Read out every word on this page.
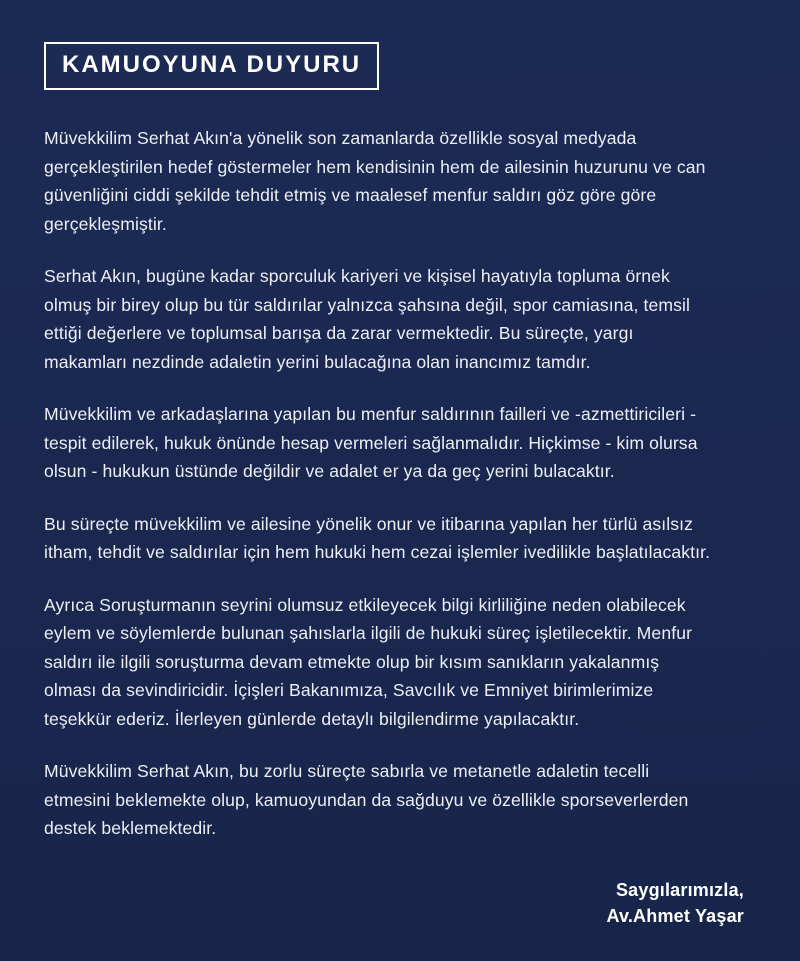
KAMUOYUNA DUYURU

Müvekkilim Serhat Akın'a yönelik son zamanlarda özellikle sosyal medyada gerçekleştirilen hedef göstermeler hem kendisinin hem de ailesinin huzurunu ve can güvenliğini ciddi şekilde tehdit etmiş ve maalesef menfur saldırı göz göre göre gerçekleşmiştir.

Serhat Akın, bugüne kadar sporculuk kariyeri ve kişisel hayatıyla topluma örnek olmuş bir birey olup bu tür saldırılar yalnızca şahsına değil, spor camiasına, temsil ettiği değerlere ve toplumsal barışa da zarar vermektedir. Bu süreçte, yargı makamları nezdinde adaletin yerini bulacağına olan inancımız tamdır.

Müvekkilim ve arkadaşlarına yapılan bu menfur saldırının failleri ve -azmettiricileri - tespit edilerek, hukuk önünde hesap vermeleri sağlanmalıdır. Hiçkimse - kim olursa olsun - hukukun üstünde değildir ve adalet er ya da geç yerini bulacaktır.

Bu süreçte müvekkilim ve ailesine yönelik onur ve itibarına yapılan her türlü asılsız itham, tehdit ve saldırılar için hem hukuki hem cezai işlemler ivedilikle başlatılacaktır.

Ayrıca Soruşturmanın seyrini olumsuz etkileyecek bilgi kirliliğine neden olabilecek eylem ve söylemlerde bulunan şahıslarla ilgili de hukuki süreç işletilecektir. Menfur saldırı ile ilgili soruşturma devam etmekte olup bir kısım sanıkların yakalanmış olması da sevindiricidir. İçişleri Bakanımıza, Savcılık ve Emniyet birimlerimize teşekkür ederiz. İlerleyen günlerde detaylı bilgilendirme yapılacaktır.

Müvekkilim Serhat Akın, bu zorlu süreçte sabırla ve metanetle adaletin tecelli etmesini beklemekte olup, kamuoyundan da sağduyu ve özellikle sporseverlerden destek beklemektedir.

Saygılarımızla,
Av.Ahmet Yaşar
